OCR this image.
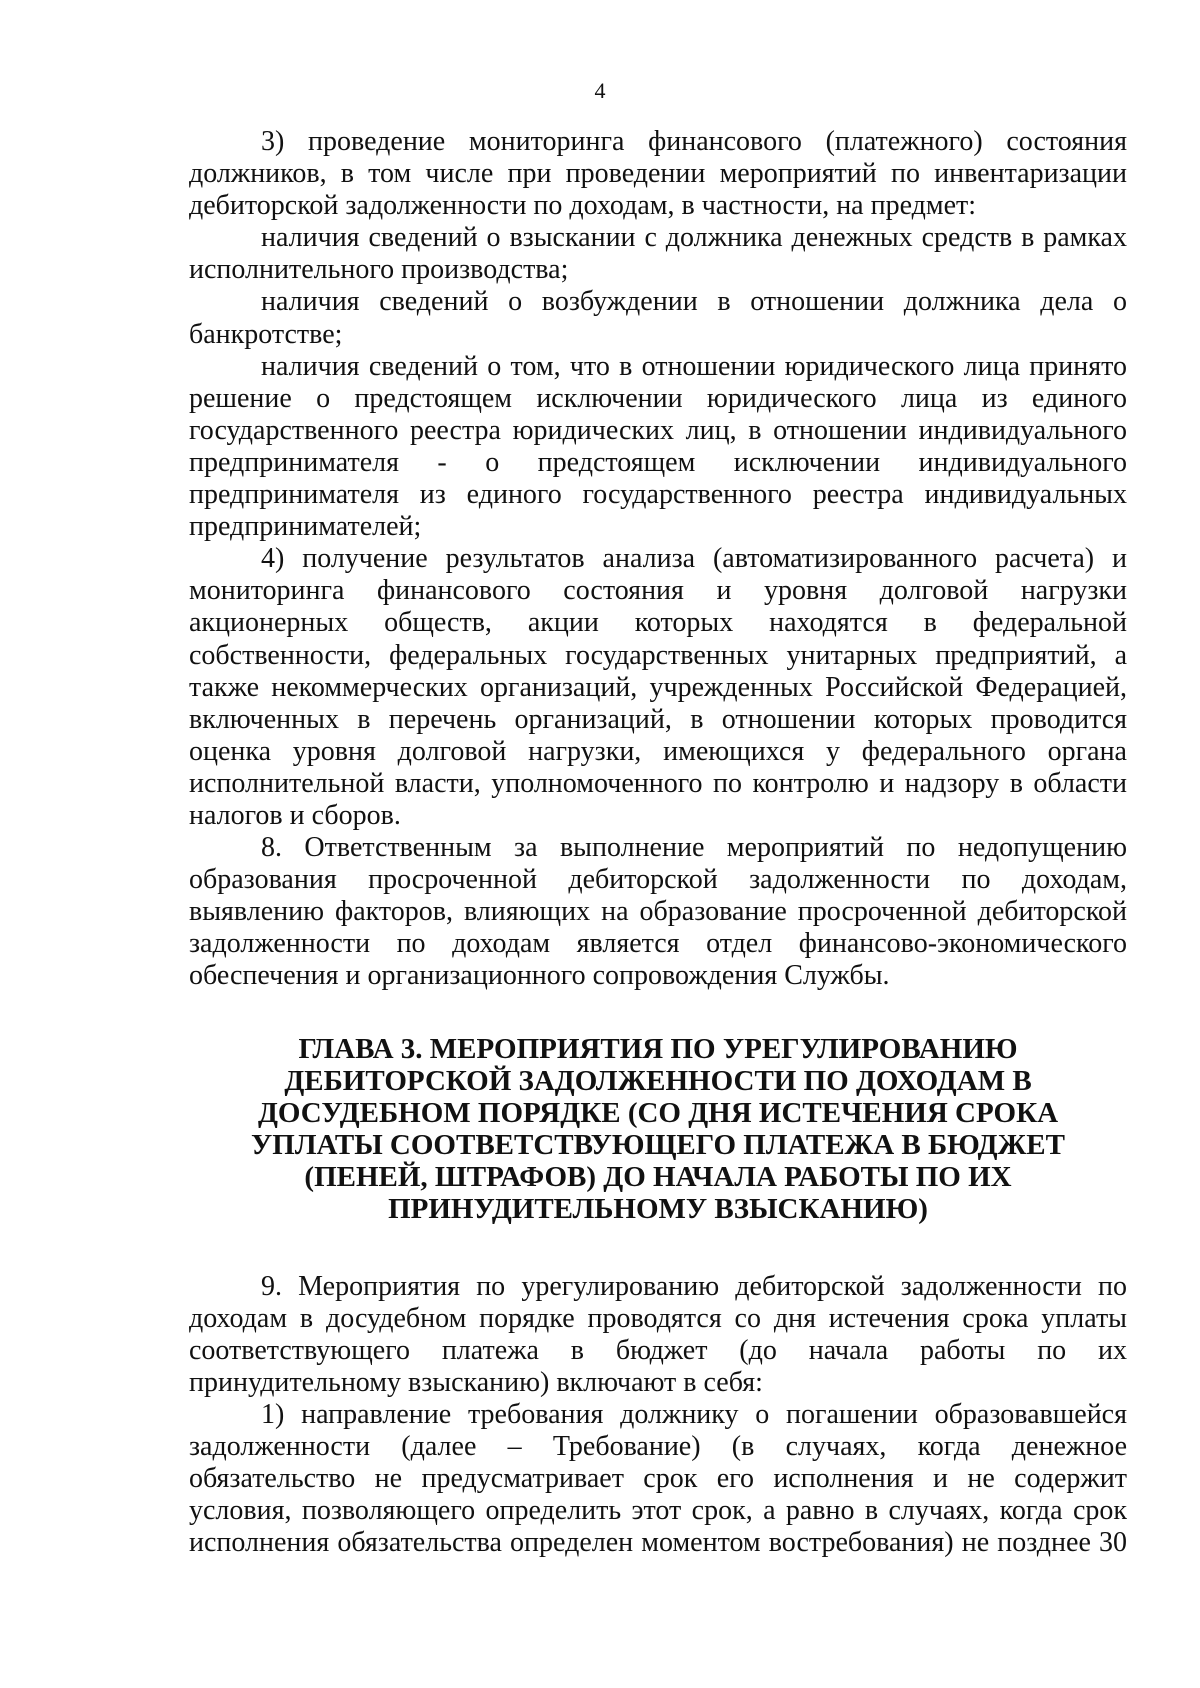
4

3) проведение мониторинга финансового (платежного) состояния должников, в том числе при проведении мероприятий по инвентаризации дебиторской задолженности по доходам, в частности, на предмет:

наличия сведений о взыскании с должника денежных средств в рамках исполнительного производства;

наличия сведений о возбуждении в отношении должника дела о банкротстве;

наличия сведений о том, что в отношении юридического лица принято решение о предстоящем исключении юридического лица из единого государственного реестра юридических лиц, в отношении индивидуального предпринимателя - о предстоящем исключении индивидуального предпринимателя из единого государственного реестра индивидуальных предпринимателей;

4) получение результатов анализа (автоматизированного расчета) и мониторинга финансового состояния и уровня долговой нагрузки акционерных обществ, акции которых находятся в федеральной собственности, федеральных государственных унитарных предприятий, а также некоммерческих организаций, учрежденных Российской Федерацией, включенных в перечень организаций, в отношении которых проводится оценка уровня долговой нагрузки, имеющихся у федерального органа исполнительной власти, уполномоченного по контролю и надзору в области налогов и сборов.

8. Ответственным за выполнение мероприятий по недопущению образования просроченной дебиторской задолженности по доходам, выявлению факторов, влияющих на образование просроченной дебиторской задолженности по доходам является отдел финансово-экономического обеспечения и организационного сопровождения Службы.

ГЛАВА 3. МЕРОПРИЯТИЯ ПО УРЕГУЛИРОВАНИЮ ДЕБИТОРСКОЙ ЗАДОЛЖЕННОСТИ ПО ДОХОДАМ В ДОСУДЕБНОМ ПОРЯДКЕ (СО ДНЯ ИСТЕЧЕНИЯ СРОКА УПЛАТЫ СООТВЕТСТВУЮЩЕГО ПЛАТЕЖА В БЮДЖЕТ (ПЕНЕЙ, ШТРАФОВ) ДО НАЧАЛА РАБОТЫ ПО ИХ ПРИНУДИТЕЛЬНОМУ ВЗЫСКАНИЮ)

9. Мероприятия по урегулированию дебиторской задолженности по доходам в досудебном порядке проводятся со дня истечения срока уплаты соответствующего платежа в бюджет (до начала работы по их принудительному взысканию) включают в себя:

1) направление требования должнику о погашении образовавшейся задолженности (далее – Требование) (в случаях, когда денежное обязательство не предусматривает срок его исполнения и не содержит условия, позволяющего определить этот срок, а равно в случаях, когда срок исполнения обязательства определен моментом востребования) не позднее 30
